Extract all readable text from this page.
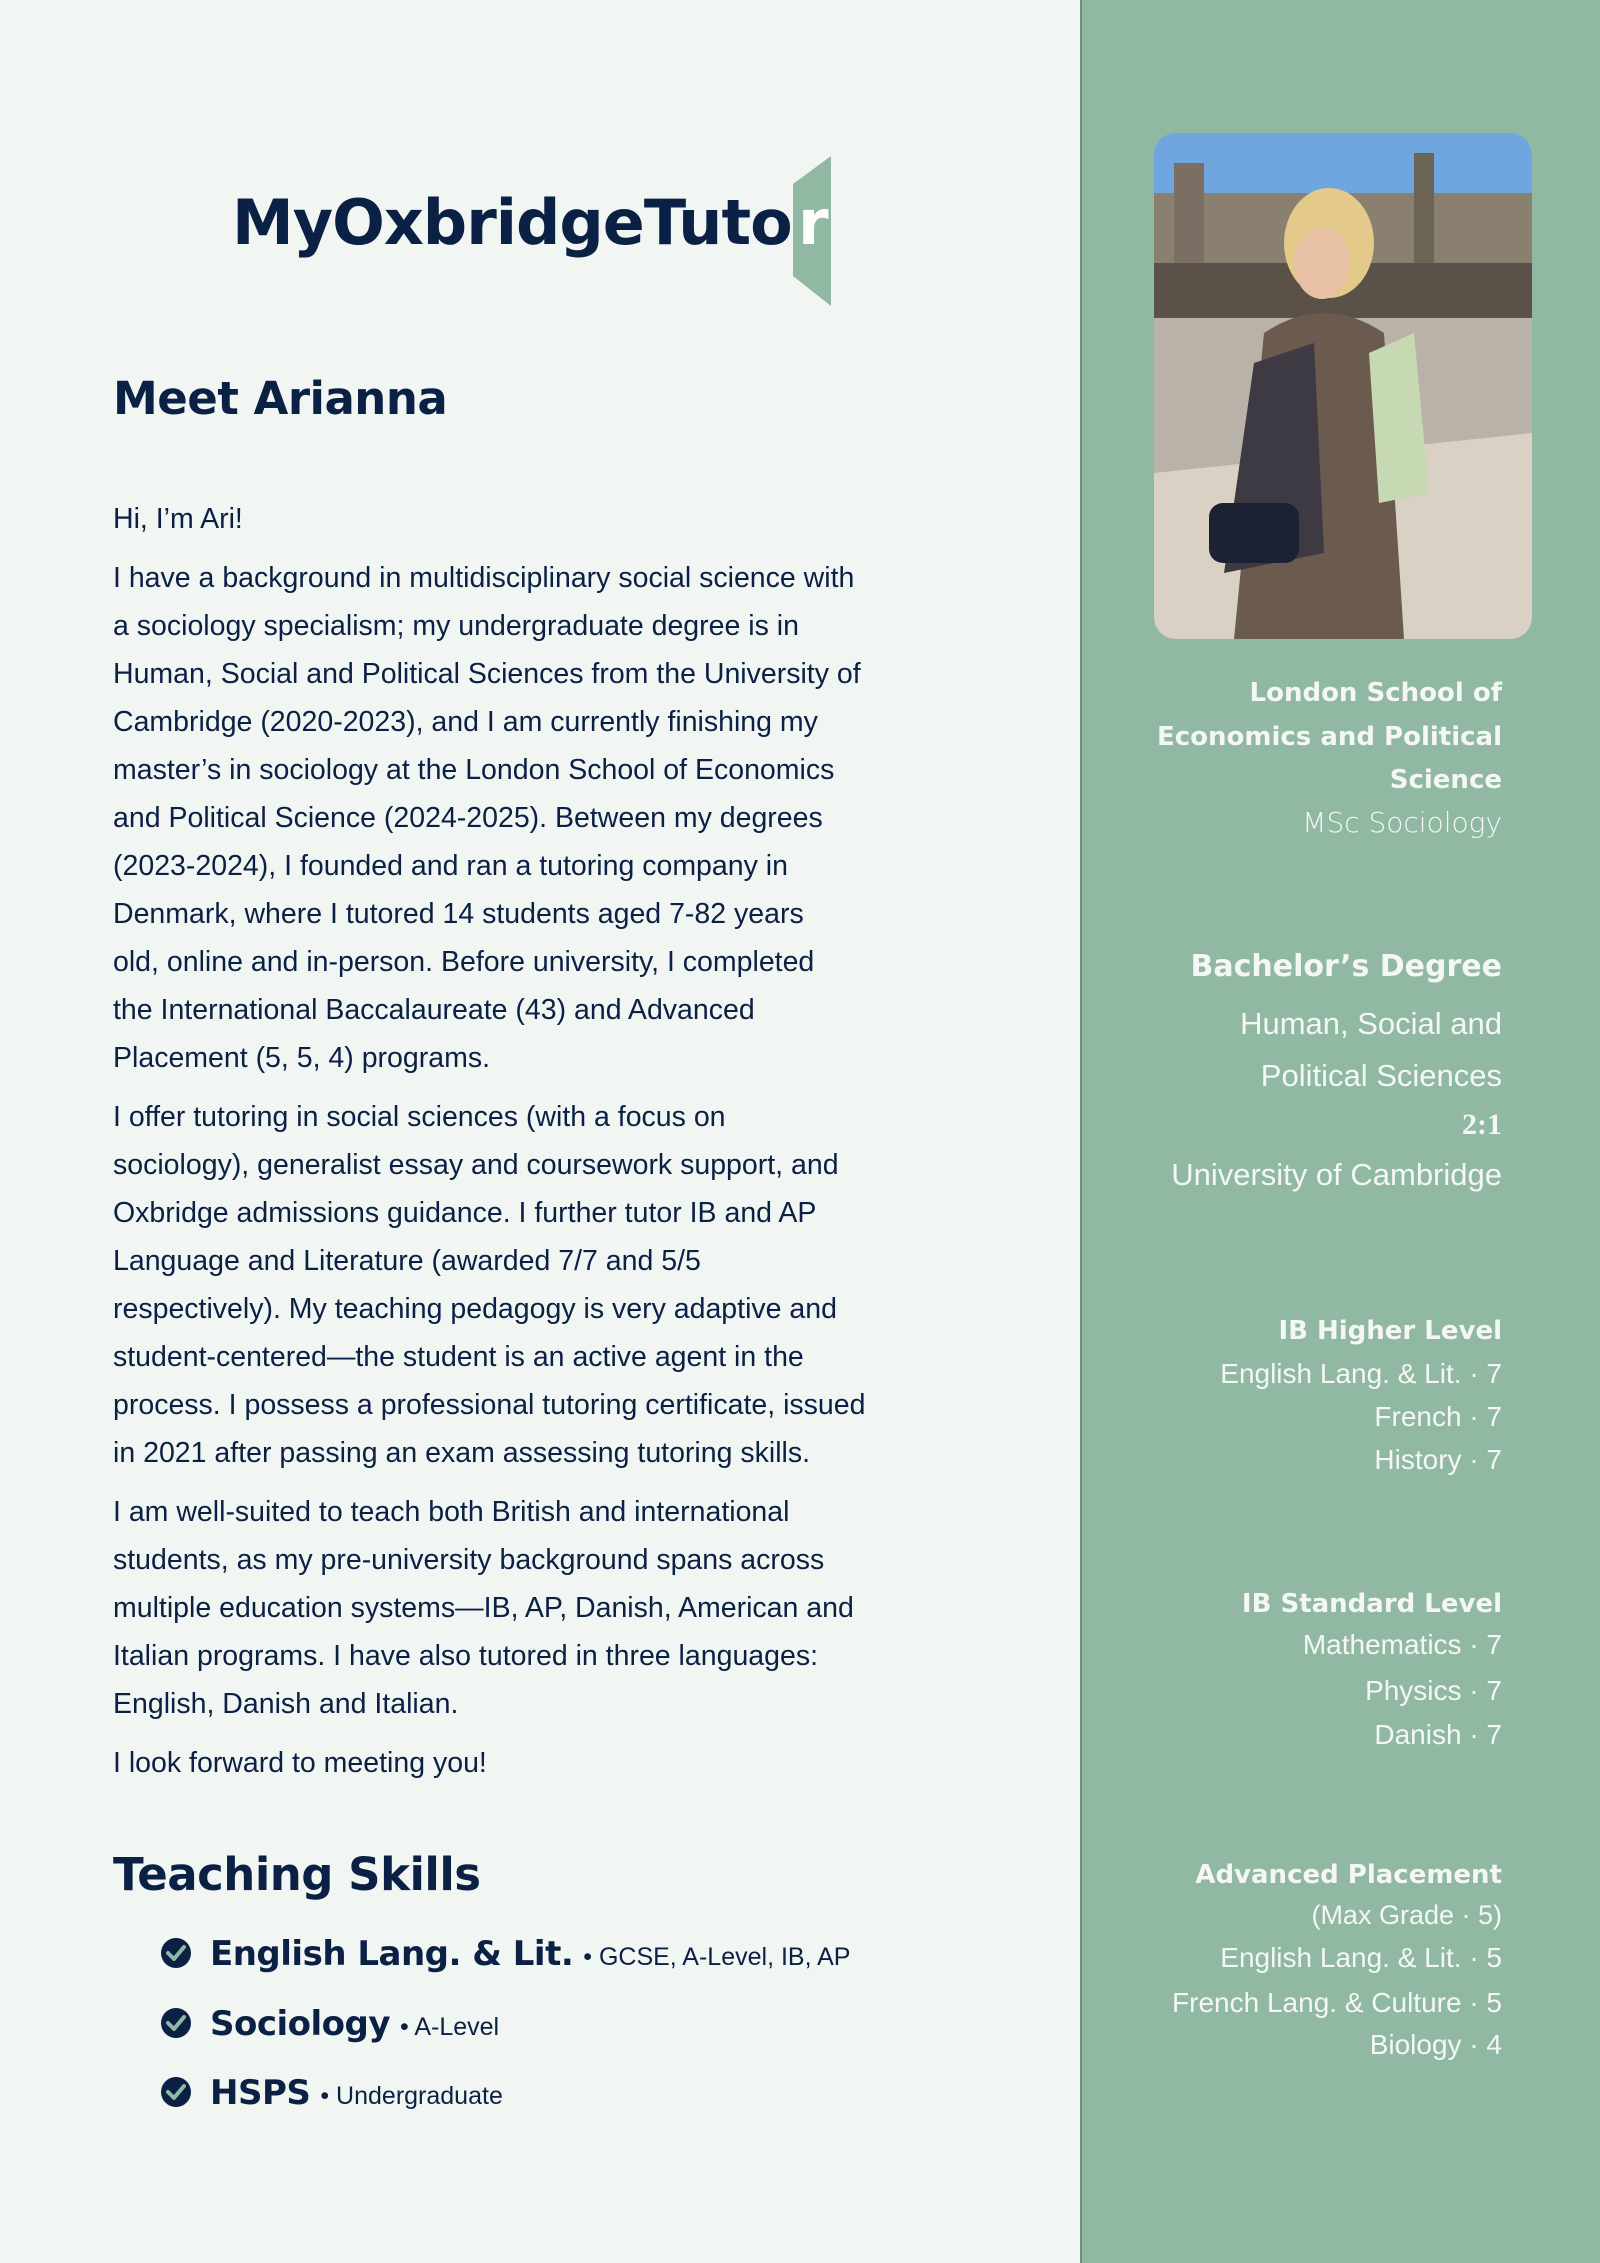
MyOxbridgeTuto r
Meet Arianna

Hi, I’m Ari!

I have a background in multidisciplinary social science with
a sociology specialism; my undergraduate degree is in
Human, Social and Political Sciences from the University of
Cambridge (2020-2023), and I am currently finishing my
master’s in sociology at the London School of Economics
and Political Science (2024-2025). Between my degrees
(2023-2024), I founded and ran a tutoring company in
Denmark, where I tutored 14 students aged 7-82 years
old, online and in-person. Before university, I completed
the International Baccalaureate (43) and Advanced
Placement (5, 5, 4) programs.

I offer tutoring in social sciences (with a focus on
sociology), generalist essay and coursework support, and
Oxbridge admissions guidance. I further tutor IB and AP
Language and Literature (awarded 7/7 and 5/5
respectively). My teaching pedagogy is very adaptive and
student-centered—the student is an active agent in the
process. I possess a professional tutoring certificate, issued
in 2021 after passing an exam assessing tutoring skills.

I am well-suited to teach both British and international
students, as my pre-university background spans across
multiple education systems—IB, AP, Danish, American and
Italian programs. I have also tutored in three languages:
English, Danish and Italian.

I look forward to meeting you!

Teaching Skills
English Lang. & Lit. • GCSE, A-Level, IB, AP
Sociology • A-Level
HSPS • Undergraduate
London School of
Economics and Political
Science
MSc Sociology
Bachelor’s Degree
Human, Social and
Political Sciences
2:1
University of Cambridge
IB Higher Level
English Lang. & Lit. · 7
French · 7
History · 7
IB Standard Level
Mathematics · 7
Physics · 7
Danish · 7
Advanced Placement
(Max Grade · 5)
English Lang. & Lit. · 5
French Lang. & Culture · 5
Biology · 4
